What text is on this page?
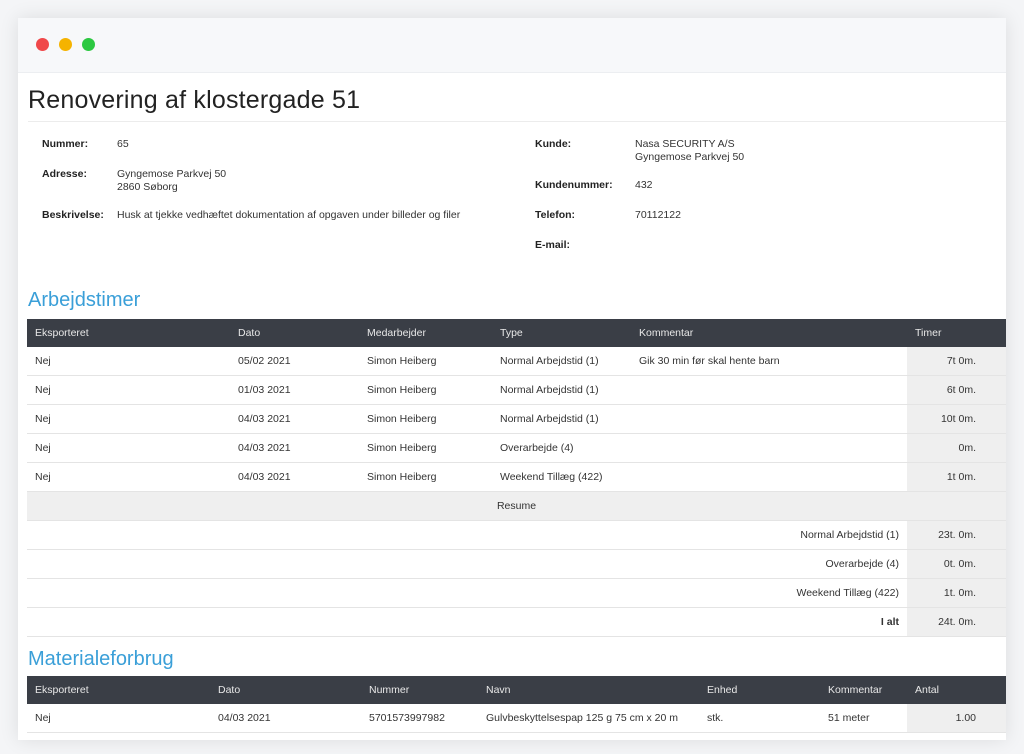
Renovering af klostergade 51
Nummer:	65
Adresse:	Gyngemose Parkvej 50
2860 Søborg
Beskrivelse: Husk at tjekke vedhæftet dokumentation af opgaven under billeder og filer
Kunde:	Nasa SECURITY A/S
Gyngemose Parkvej 50
Kundenummer: 432
Telefon:	70112122
E-mail:
Arbejdstimer
Eksporteret	Dato	Medarbejder	Type	Kommentar	Timer
Nej	05/02 2021	Simon Heiberg	Normal Arbejdstid (1)	Gik 30 min før skal hente barn	7t 0m.
Nej	01/03 2021	Simon Heiberg	Normal Arbejdstid (1)		6t 0m.
Nej	04/03 2021	Simon Heiberg	Normal Arbejdstid (1)		10t 0m.
Nej	04/03 2021	Simon Heiberg	Overarbejde (4)		0m.
Nej	04/03 2021	Simon Heiberg	Weekend Tillæg (422)		1t 0m.
Resume					
Normal Arbejdstid (1)					23t. 0m.
Overarbejde (4)					0t. 0m.
Weekend Tillæg (422)					1t. 0m.
I alt					24t. 0m.
Materialeforbrug
Eksporteret	Dato	Nummer	Navn	Enhed	Kommentar	Antal
Nej	04/03 2021	5701573997982	Gulvbeskyttelsespap 125 g 75 cm x 20 m	stk.	51 meter	1.00
